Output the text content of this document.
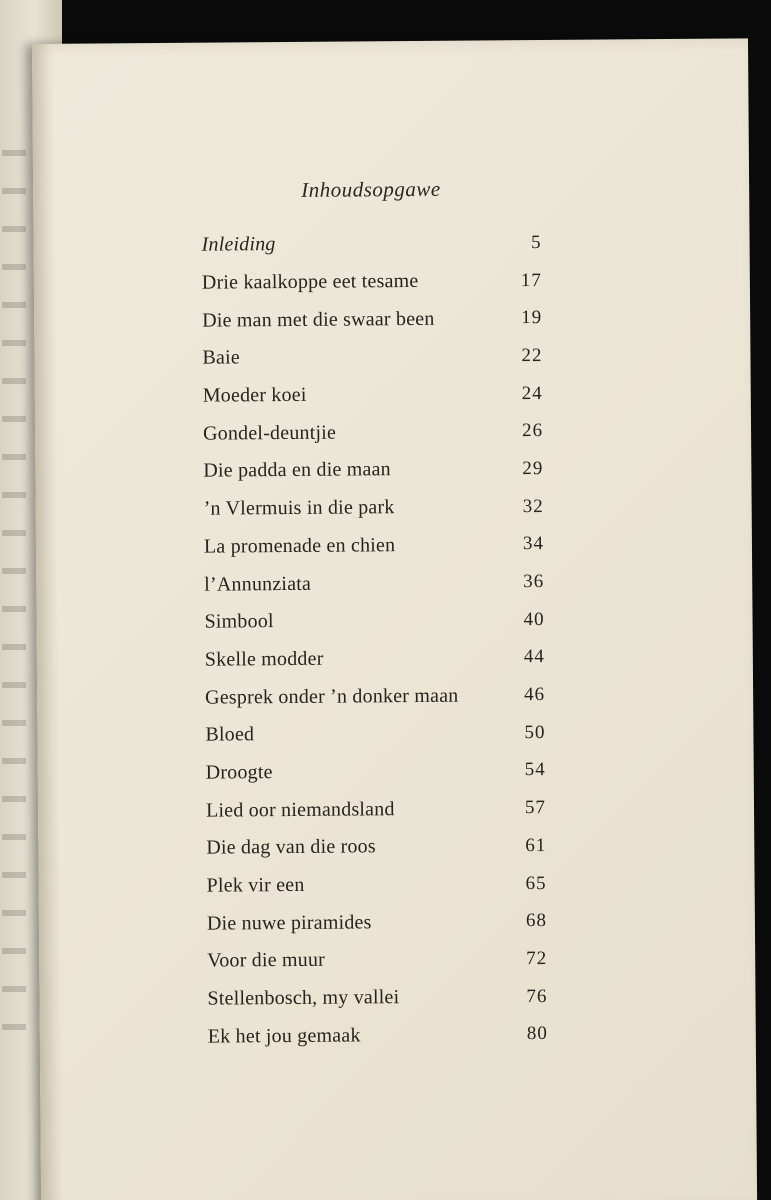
Inhoudsopgawe
Inleiding	5
Drie kaalkoppe eet tesame	17
Die man met die swaar been	19
Baie	22
Moeder koei	24
Gondel-deuntjie	26
Die padda en die maan	29
’n Vlermuis in die park	32
La promenade en chien	34
l’Annunziata	36
Simbool	40
Skelle modder	44
Gesprek onder ’n donker maan	46
Bloed	50
Droogte	54
Lied oor niemandsland	57
Die dag van die roos	61
Plek vir een	65
Die nuwe piramides	68
Voor die muur	72
Stellenbosch, my vallei	76
Ek het jou gemaak	80
